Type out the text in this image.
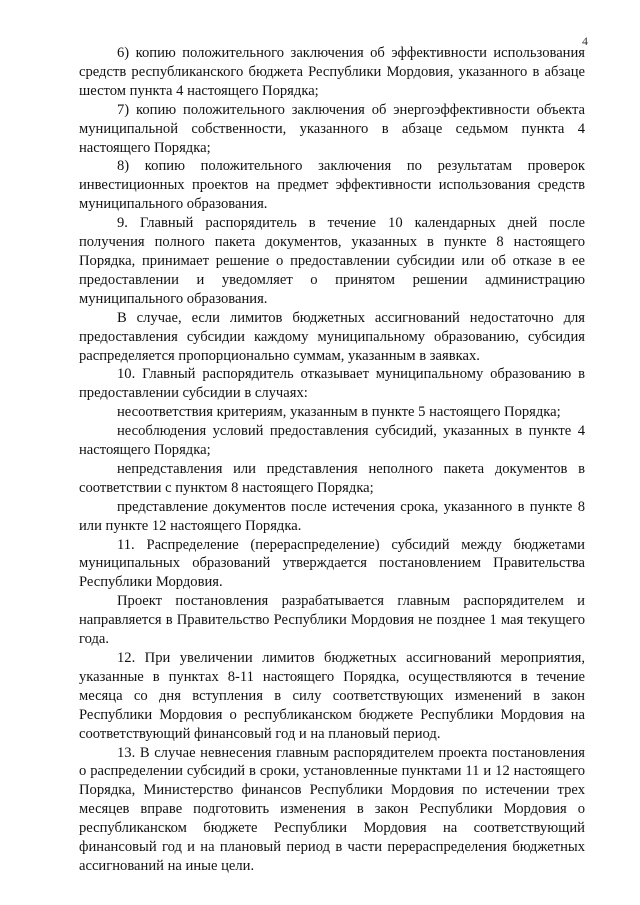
4

6) копию положительного заключения об эффективности использования средств республиканского бюджета Республики Мордовия, указанного в абзаце шестом пункта 4 настоящего Порядка;

7) копию положительного заключения об энергоэффективности объекта муниципальной собственности, указанного в абзаце седьмом пункта 4 настоящего Порядка;

8) копию положительного заключения по результатам проверок инвестиционных проектов на предмет эффективности использования средств муниципального образования.

9. Главный распорядитель в течение 10 календарных дней после получения полного пакета документов, указанных в пункте 8 настоящего Порядка, принимает решение о предоставлении субсидии или об отказе в ее предоставлении и уведомляет о принятом решении администрацию муниципального образования.

В случае, если лимитов бюджетных ассигнований недостаточно для предоставления субсидии каждому муниципальному образованию, субсидия распределяется пропорционально суммам, указанным в заявках.

10. Главный распорядитель отказывает муниципальному образованию в предоставлении субсидии в случаях:

несоответствия критериям, указанным в пункте 5 настоящего Порядка;

несоблюдения условий предоставления субсидий, указанных в пункте 4 настоящего Порядка;

непредставления или представления неполного пакета документов в соответствии с пунктом 8 настоящего Порядка;

представление документов после истечения срока, указанного в пункте 8 или пункте 12 настоящего Порядка.

11. Распределение (перераспределение) субсидий между бюджетами муниципальных образований утверждается постановлением Правительства Республики Мордовия.

Проект постановления разрабатывается главным распорядителем и направляется в Правительство Республики Мордовия не позднее 1 мая текущего года.

12. При увеличении лимитов бюджетных ассигнований мероприятия, указанные в пунктах 8-11 настоящего Порядка, осуществляются в течение месяца со дня вступления в силу соответствующих изменений в закон Республики Мордовия о республиканском бюджете Республики Мордовия на соответствующий финансовый год и на плановый период.

13. В случае невнесения главным распорядителем проекта постановления о распределении субсидий в сроки, установленные пунктами 11 и 12 настоящего Порядка, Министерство финансов Республики Мордовия по истечении трех месяцев вправе подготовить изменения в закон Республики Мордовия о республиканском бюджете Республики Мордовия на соответствующий финансовый год и на плановый период в части перераспределения бюджетных ассигнований на иные цели.
